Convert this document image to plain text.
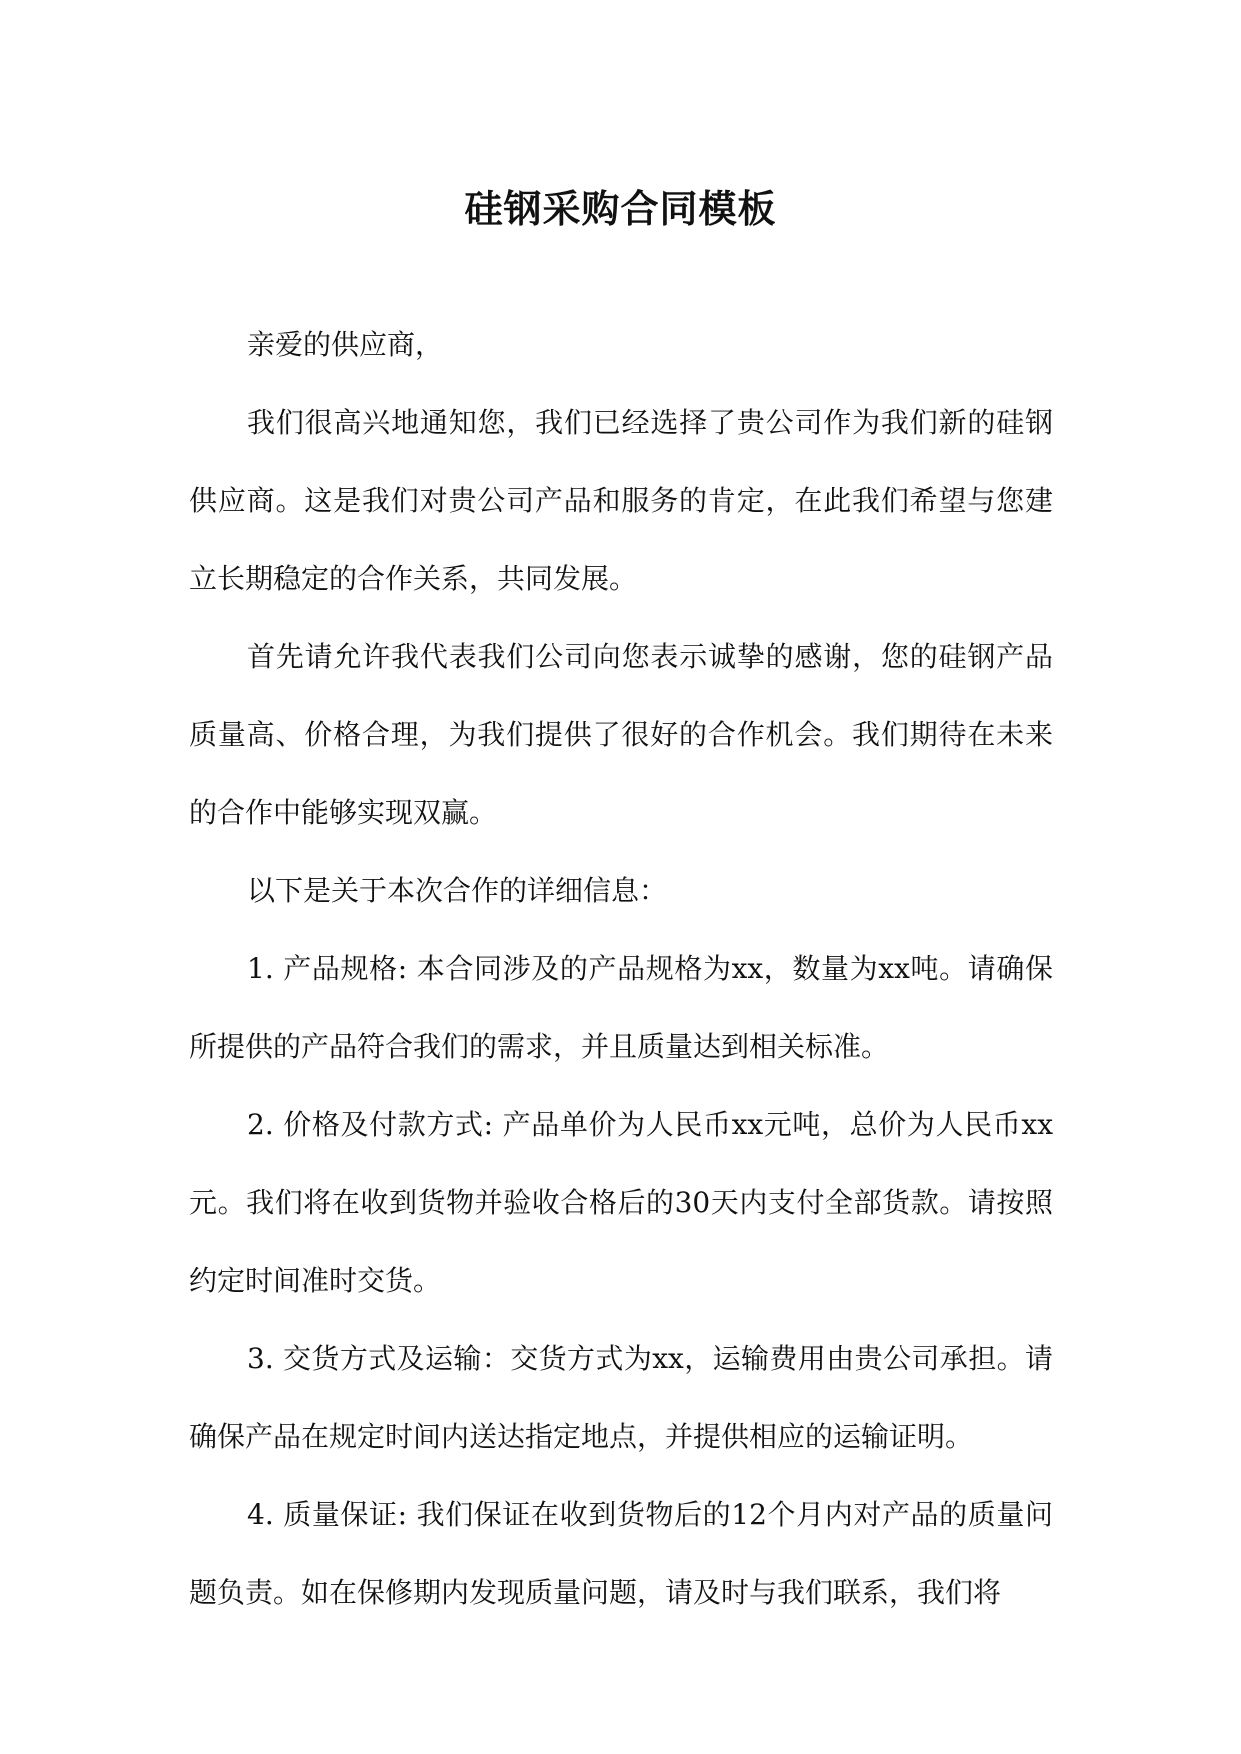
硅钢采购合同模板

亲爱的供应商，

我们很高兴地通知您，我们已经选择了贵公司作为我们新的硅钢供应商。这是我们对贵公司产品和服务的肯定，在此我们希望与您建立长期稳定的合作关系，共同发展。

首先请允许我代表我们公司向您表示诚挚的感谢，您的硅钢产品质量高、价格合理，为我们提供了很好的合作机会。我们期待在未来的合作中能够实现双赢。

以下是关于本次合作的详细信息：

1. 产品规格: 本合同涉及的产品规格为xx，数量为xx吨。请确保所提供的产品符合我们的需求，并且质量达到相关标准。

2. 价格及付款方式: 产品单价为人民币xx元吨，总价为人民币xx元。我们将在收到货物并验收合格后的30天内支付全部货款。请按照约定时间准时交货。

3. 交货方式及运输：交货方式为xx，运输费用由贵公司承担。请确保产品在规定时间内送达指定地点，并提供相应的运输证明。

4. 质量保证: 我们保证在收到货物后的12个月内对产品的质量问题负责。如在保修期内发现质量问题，请及时与我们联系，我们将
